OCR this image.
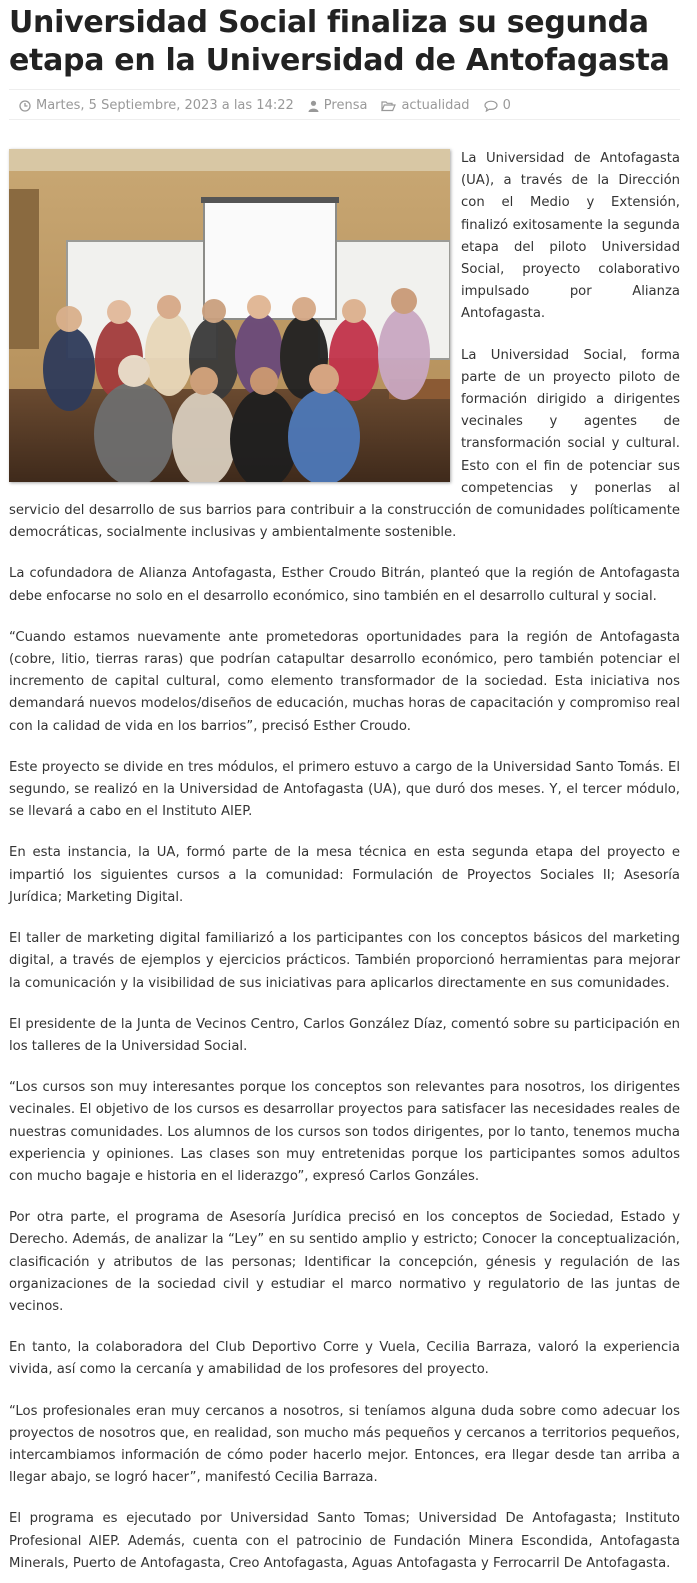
Universidad Social finaliza su segunda etapa en la Universidad de Antofagasta
Martes, 5 Septiembre, 2023 a las 14:22 Prensa	actualidad	0

La Universidad de Antofagasta (UA), a través de la Dirección con el Medio y Extensión, finalizó exitosamente la segunda etapa del piloto Universidad Social, proyecto colaborativo impulsado por Alianza Antofagasta.

La Universidad Social, forma parte de un proyecto piloto de formación dirigido a dirigentes vecinales y agentes de transformación social y cultural. Esto con el fin de potenciar sus competencias y ponerlas al servicio del desarrollo de sus barrios para contribuir a la construcción de comunidades políticamente democráticas, socialmente inclusivas y ambientalmente sostenible.

La cofundadora de Alianza Antofagasta, Esther Croudo Bitrán, planteó que la región de Antofagasta debe enfocarse no solo en el desarrollo económico, sino también en el desarrollo cultural y social.

“Cuando estamos nuevamente ante prometedoras oportunidades para la región de Antofagasta (cobre, litio, tierras raras) que podrían catapultar desarrollo económico, pero también potenciar el incremento de capital cultural, como elemento transformador de la sociedad. Esta iniciativa nos demandará nuevos modelos/diseños de educación, muchas horas de capacitación y compromiso real con la calidad de vida en los barrios”, precisó Esther Croudo.

Este proyecto se divide en tres módulos, el primero estuvo a cargo de la Universidad Santo Tomás. El segundo, se realizó en la Universidad de Antofagasta (UA), que duró dos meses. Y, el tercer módulo, se llevará a cabo en el Instituto AIEP.

En esta instancia, la UA, formó parte de la mesa técnica en esta segunda etapa del proyecto e impartió los siguientes cursos a la comunidad: Formulación de Proyectos Sociales II; Asesoría Jurídica; Marketing Digital.

El taller de marketing digital familiarizó a los participantes con los conceptos básicos del marketing digital, a través de ejemplos y ejercicios prácticos. También proporcionó herramientas para mejorar la comunicación y la visibilidad de sus iniciativas para aplicarlos directamente en sus comunidades.

El presidente de la Junta de Vecinos Centro, Carlos González Díaz, comentó sobre su participación en los talleres de la Universidad Social.

“Los cursos son muy interesantes porque los conceptos son relevantes para nosotros, los dirigentes vecinales. El objetivo de los cursos es desarrollar proyectos para satisfacer las necesidades reales de nuestras comunidades. Los alumnos de los cursos son todos dirigentes, por lo tanto, tenemos mucha experiencia y opiniones. Las clases son muy entretenidas porque los participantes somos adultos con mucho bagaje e historia en el liderazgo”, expresó Carlos Gonzáles.

Por otra parte, el programa de Asesoría Jurídica precisó en los conceptos de Sociedad, Estado y Derecho. Además, de analizar la “Ley” en su sentido amplio y estricto; Conocer la conceptualización, clasificación y atributos de las personas; Identificar la concepción, génesis y regulación de las organizaciones de la sociedad civil y estudiar el marco normativo y regulatorio de las juntas de vecinos.

En tanto, la colaboradora del Club Deportivo Corre y Vuela, Cecilia Barraza, valoró la experiencia vivida, así como la cercanía y amabilidad de los profesores del proyecto.

“Los profesionales eran muy cercanos a nosotros, si teníamos alguna duda sobre como adecuar los proyectos de nosotros que, en realidad, son mucho más pequeños y cercanos a territorios pequeños, intercambiamos información de cómo poder hacerlo mejor. Entonces, era llegar desde tan arriba a llegar abajo, se logró hacer”, manifestó Cecilia Barraza.

El programa es ejecutado por Universidad Santo Tomas; Universidad De Antofagasta; Instituto Profesional AIEP. Además, cuenta con el patrocinio de Fundación Minera Escondida, Antofagasta Minerals, Puerto de Antofagasta, Creo Antofagasta, Aguas Antofagasta y Ferrocarril De Antofagasta.
